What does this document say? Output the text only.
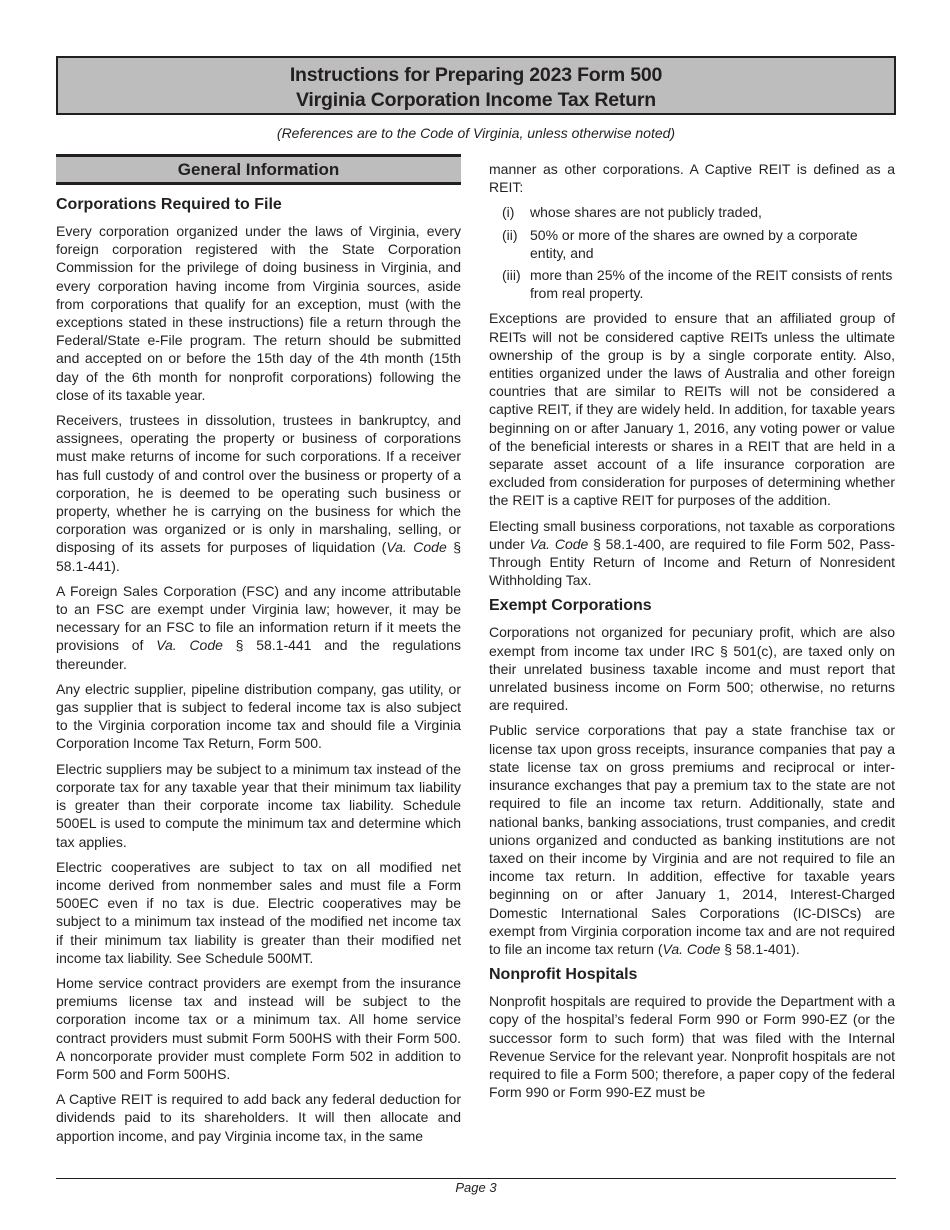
Instructions for Preparing 2023 Form 500
Virginia Corporation Income Tax Return
(References are to the Code of Virginia, unless otherwise noted)
General Information
Corporations Required to File

Every corporation organized under the laws of Virginia, every foreign corporation registered with the State Corporation Commission for the privilege of doing business in Virginia, and every corporation having income from Virginia sources, aside from corporations that qualify for an exception, must (with the exceptions stated in these instructions) file a return through the Federal/State e-File program. The return should be submitted and accepted on or before the 15th day of the 4th month (15th day of the 6th month for nonprofit corporations) following the close of its taxable year.

Receivers, trustees in dissolution, trustees in bankruptcy, and assignees, operating the property or business of corporations must make returns of income for such corporations. If a receiver has full custody of and control over the business or property of a corporation, he is deemed to be operating such business or property, whether he is carrying on the business for which the corporation was organized or is only in marshaling, selling, or disposing of its assets for purposes of liquidation (Va. Code § 58.1-441).

A Foreign Sales Corporation (FSC) and any income attributable to an FSC are exempt under Virginia law; however, it may be necessary for an FSC to file an information return if it meets the provisions of Va. Code § 58.1-441 and the regulations thereunder.

Any electric supplier, pipeline distribution company, gas utility, or gas supplier that is subject to federal income tax is also subject to the Virginia corporation income tax and should file a Virginia Corporation Income Tax Return, Form 500.

Electric suppliers may be subject to a minimum tax instead of the corporate tax for any taxable year that their minimum tax liability is greater than their corporate income tax liability. Schedule 500EL is used to compute the minimum tax and determine which tax applies.

Electric cooperatives are subject to tax on all modified net income derived from nonmember sales and must file a Form 500EC even if no tax is due. Electric cooperatives may be subject to a minimum tax instead of the modified net income tax if their minimum tax liability is greater than their modified net income tax liability. See Schedule 500MT.

Home service contract providers are exempt from the insurance premiums license tax and instead will be subject to the corporation income tax or a minimum tax. All home service contract providers must submit Form 500HS with their Form 500. A noncorporate provider must complete Form 502 in addition to Form 500 and Form 500HS.

A Captive REIT is required to add back any federal deduction for dividends paid to its shareholders. It will then allocate and apportion income, and pay Virginia income tax, in the same

manner as other corporations. A Captive REIT is defined as a REIT:

(i)	whose shares are not publicly traded,
(ii) 50% or more of the shares are owned by a corporate entity, and
(iii) more than 25% of the income of the REIT consists of rents from real property.

Exceptions are provided to ensure that an affiliated group of REITs will not be considered captive REITs unless the ultimate ownership of the group is by a single corporate entity. Also, entities organized under the laws of Australia and other foreign countries that are similar to REITs will not be considered a captive REIT, if they are widely held. In addition, for taxable years beginning on or after January 1, 2016, any voting power or value of the beneficial interests or shares in a REIT that are held in a separate asset account of a life insurance corporation are excluded from consideration for purposes of determining whether the REIT is a captive REIT for purposes of the addition.

Electing small business corporations, not taxable as corporations under Va. Code § 58.1-400, are required to file Form 502, Pass-Through Entity Return of Income and Return of Nonresident Withholding Tax.

Exempt Corporations

Corporations not organized for pecuniary profit, which are also exempt from income tax under IRC § 501(c), are taxed only on their unrelated business taxable income and must report that unrelated business income on Form 500; otherwise, no returns are required.

Public service corporations that pay a state franchise tax or license tax upon gross receipts, insurance companies that pay a state license tax on gross premiums and reciprocal or inter-insurance exchanges that pay a premium tax to the state are not required to file an income tax return. Additionally, state and national banks, banking associations, trust companies, and credit unions organized and conducted as banking institutions are not taxed on their income by Virginia and are not required to file an income tax return. In addition, effective for taxable years beginning on or after January 1, 2014, Interest-Charged Domestic International Sales Corporations (IC-DISCs) are exempt from Virginia corporation income tax and are not required to file an income tax return (Va. Code § 58.1-401).

Nonprofit Hospitals

Nonprofit hospitals are required to provide the Department with a copy of the hospital’s federal Form 990 or Form 990-EZ (or the successor form to such form) that was filed with the Internal Revenue Service for the relevant year. Nonprofit hospitals are not required to file a Form 500; therefore, a paper copy of the federal Form 990 or Form 990-EZ must be

Page 3
